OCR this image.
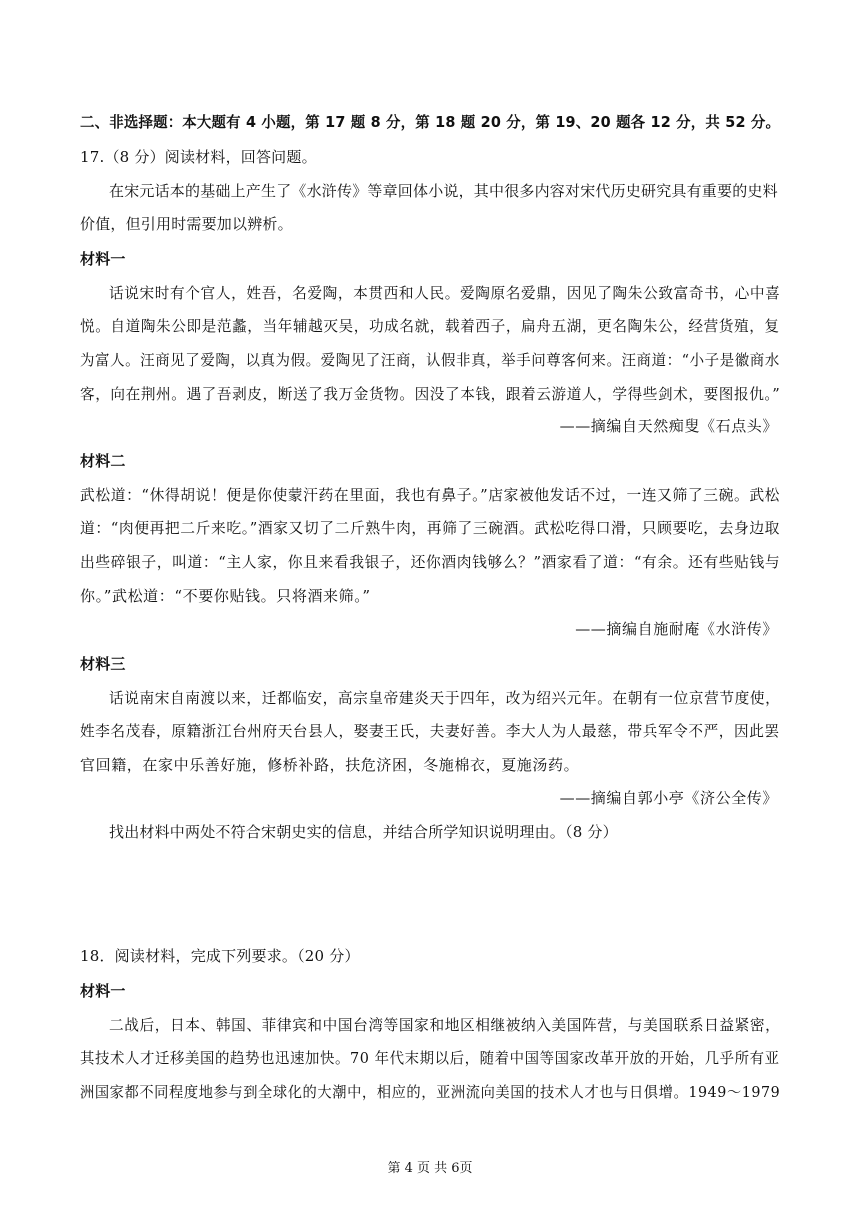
二、非选择题：本大题有 4 小题，第 17 题 8 分，第 18 题 20 分，第 19、20 题各 12 分，共 52 分。
17.（8 分）阅读材料，回答问题。
在宋元话本的基础上产生了《水浒传》等章回体小说，其中很多内容对宋代历史研究具有重要的史料
价值，但引用时需要加以辨析。
材料一
话说宋时有个官人，姓吾，名爱陶，本贯西和人民。爱陶原名爱鼎，因见了陶朱公致富奇书，心中喜
悦。自道陶朱公即是范蠡，当年辅越灭吴，功成名就，载着西子，扁舟五湖，更名陶朱公，经营货殖，复
为富人。汪商见了爱陶，以真为假。爱陶见了汪商，认假非真，举手问尊客何来。汪商道：“小子是徽商水
客，向在荆州。遇了吾剥皮，断送了我万金货物。因没了本钱，跟着云游道人，学得些剑术，要图报仇。”
——摘编自天然痴叟《石点头》
材料二
武松道：“休得胡说！便是你使蒙汗药在里面，我也有鼻子。”店家被他发话不过，一连又筛了三碗。武松
道：“肉便再把二斤来吃。”酒家又切了二斤熟牛肉，再筛了三碗酒。武松吃得口滑，只顾要吃，去身边取
出些碎银子，叫道：“主人家，你且来看我银子，还你酒肉钱够么？”酒家看了道：“有余。还有些贴钱与
你。”武松道：“不要你贴钱。只将酒来筛。”
——摘编自施耐庵《水浒传》
材料三
话说南宋自南渡以来，迁都临安，高宗皇帝建炎天于四年，改为绍兴元年。在朝有一位京营节度使，
姓李名茂春，原籍浙江台州府天台县人，娶妻王氏，夫妻好善。李大人为人最慈，带兵军令不严，因此罢
官回籍，在家中乐善好施，修桥补路，扶危济困，冬施棉衣，夏施汤药。
——摘编自郭小亭《济公全传》
找出材料中两处不符合宋朝史实的信息，并结合所学知识说明理由。（8 分）
18．阅读材料，完成下列要求。（20 分）
材料一
二战后，日本、韩国、菲律宾和中国台湾等国家和地区相继被纳入美国阵营，与美国联系日益紧密，
其技术人才迁移美国的趋势也迅速加快。70 年代末期以后，随着中国等国家改革开放的开始，几乎所有亚
洲国家都不同程度地参与到全球化的大潮中，相应的，亚洲流向美国的技术人才也与日俱增。1949～1979
第 4 页 共 6页
